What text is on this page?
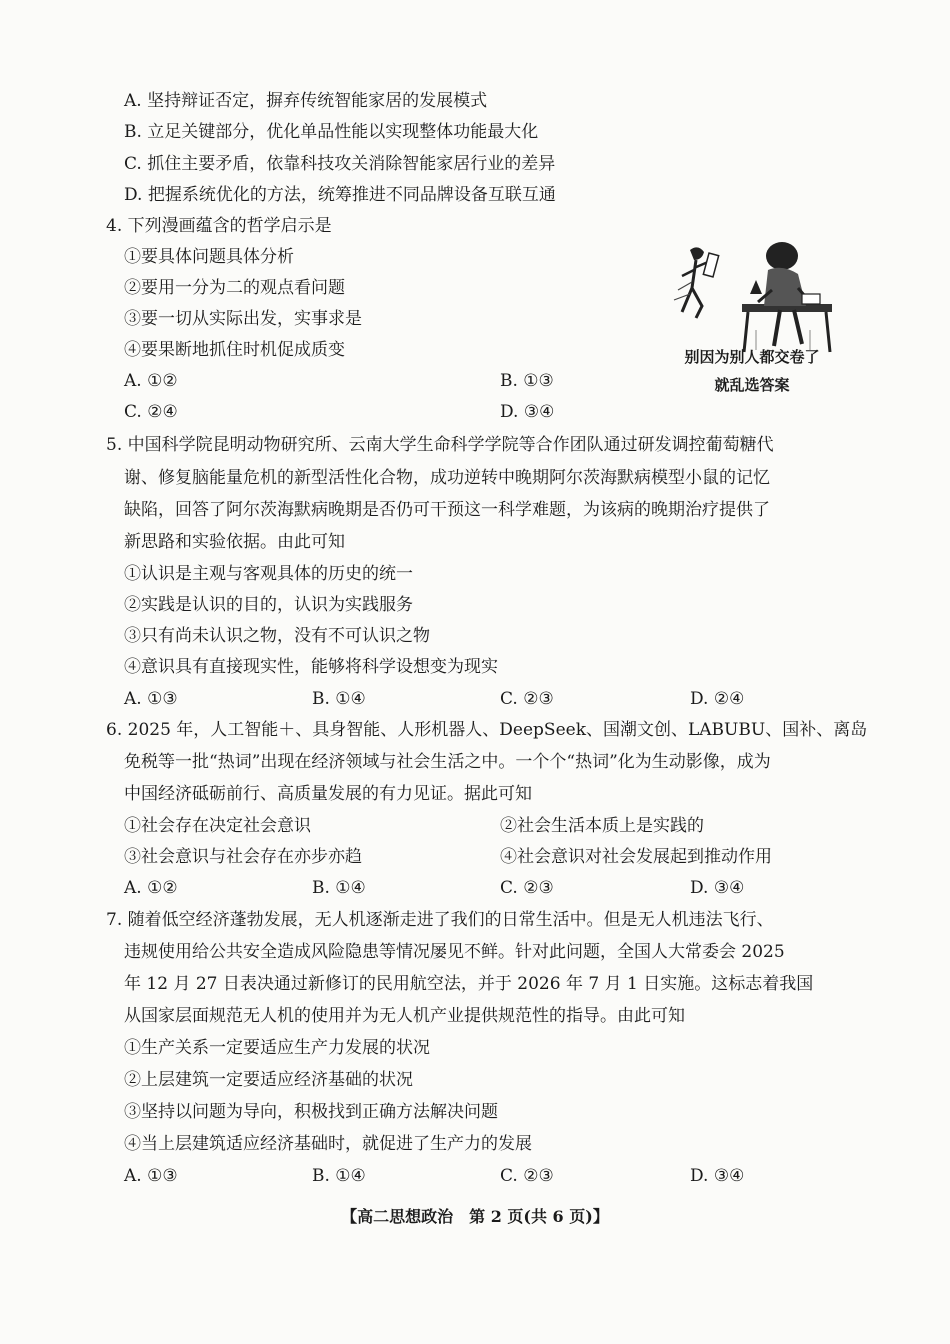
A. 坚持辩证否定，摒弃传统智能家居的发展模式
B. 立足关键部分，优化单品性能以实现整体功能最大化
C. 抓住主要矛盾，依靠科技攻关消除智能家居行业的差异
D. 把握系统优化的方法，统筹推进不同品牌设备互联互通
4. 下列漫画蕴含的哲学启示是
①要具体问题具体分析
②要用一分为二的观点看问题
③要一切从实际出发，实事求是
④要果断地抓住时机促成质变
A. ①②	B. ①③
C. ②④	D. ③④
别因为别人都交卷了
就乱选答案
5. 中国科学院昆明动物研究所、云南大学生命科学学院等合作团队通过研发调控葡萄糖代
谢、修复脑能量危机的新型活性化合物，成功逆转中晚期阿尔茨海默病模型小鼠的记忆
缺陷，回答了阿尔茨海默病晚期是否仍可干预这一科学难题，为该病的晚期治疗提供了
新思路和实验依据。由此可知
①认识是主观与客观具体的历史的统一
②实践是认识的目的，认识为实践服务
③只有尚未认识之物，没有不可认识之物
④意识具有直接现实性，能够将科学设想变为现实
A. ①③	B. ①④	C. ②③	D. ②④
6. 2025 年，人工智能＋、具身智能、人形机器人、DeepSeek、国潮文创、LABUBU、国补、离岛
免税等一批“热词”出现在经济领域与社会生活之中。一个个“热词”化为生动影像，成为
中国经济砥砺前行、高质量发展的有力见证。据此可知
①社会存在决定社会意识	②社会生活本质上是实践的
③社会意识与社会存在亦步亦趋	④社会意识对社会发展起到推动作用
A. ①②	B. ①④	C. ②③	D. ③④
7. 随着低空经济蓬勃发展，无人机逐渐走进了我们的日常生活中。但是无人机违法飞行、
违规使用给公共安全造成风险隐患等情况屡见不鲜。针对此问题，全国人大常委会 2025
年 12 月 27 日表决通过新修订的民用航空法，并于 2026 年 7 月 1 日实施。这标志着我国
从国家层面规范无人机的使用并为无人机产业提供规范性的指导。由此可知
①生产关系一定要适应生产力发展的状况
②上层建筑一定要适应经济基础的状况
③坚持以问题为导向，积极找到正确方法解决问题
④当上层建筑适应经济基础时，就促进了生产力的发展
A. ①③	B. ①④	C. ②③	D. ③④
【高二思想政治　第 2 页(共 6 页)】
